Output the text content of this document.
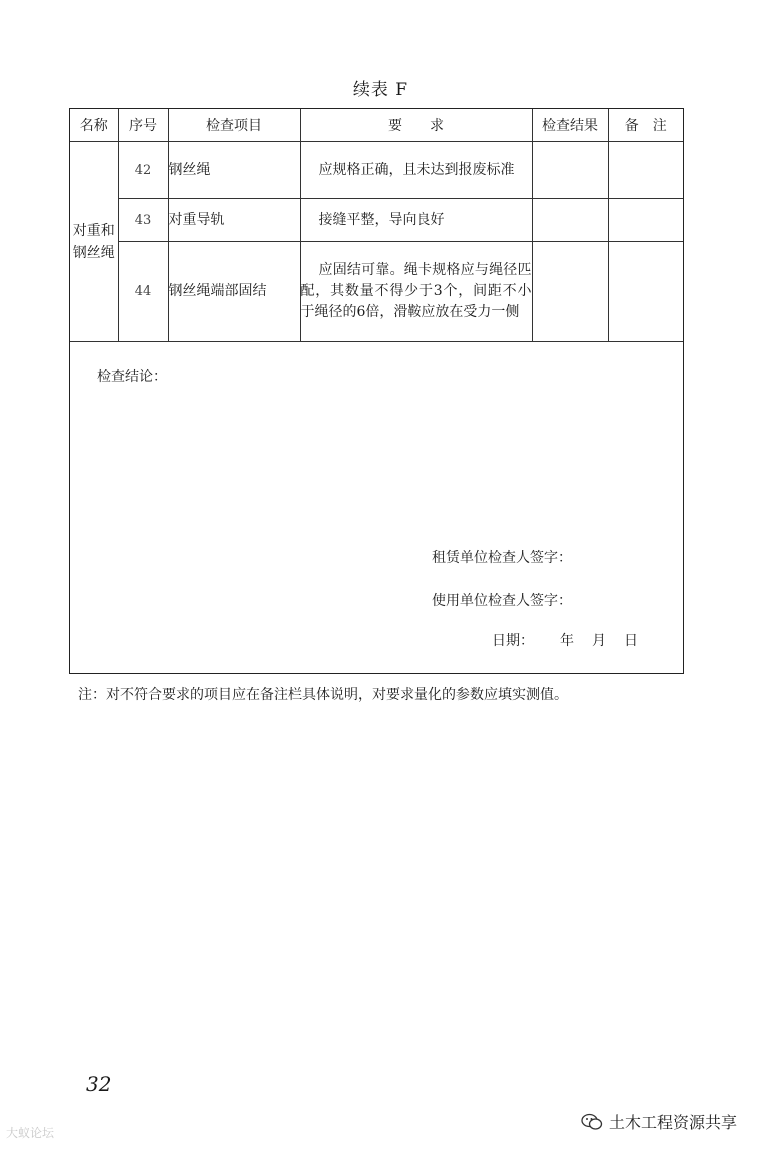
续表 F
名称	序号	检查项目	要　　求	检查结果	备　注

对重和钢丝绳	42	钢丝绳	应规格正确，且未达到报废标准		
	43	对重导轨	接缝平整，导向良好		
	44	钢丝绳端部固结	应固结可靠。绳卡规格应与绳径匹配，其数量不得少于3个，间距不小于绳径的6倍，滑鞍应放在受力一侧		
检查结论：
租赁单位检查人签字：
使用单位检查人签字：
日期： 年 月 日
注：对不符合要求的项目应在备注栏具体说明，对要求量化的参数应填实测值。
32
土木工程资源共享
大蚁论坛
